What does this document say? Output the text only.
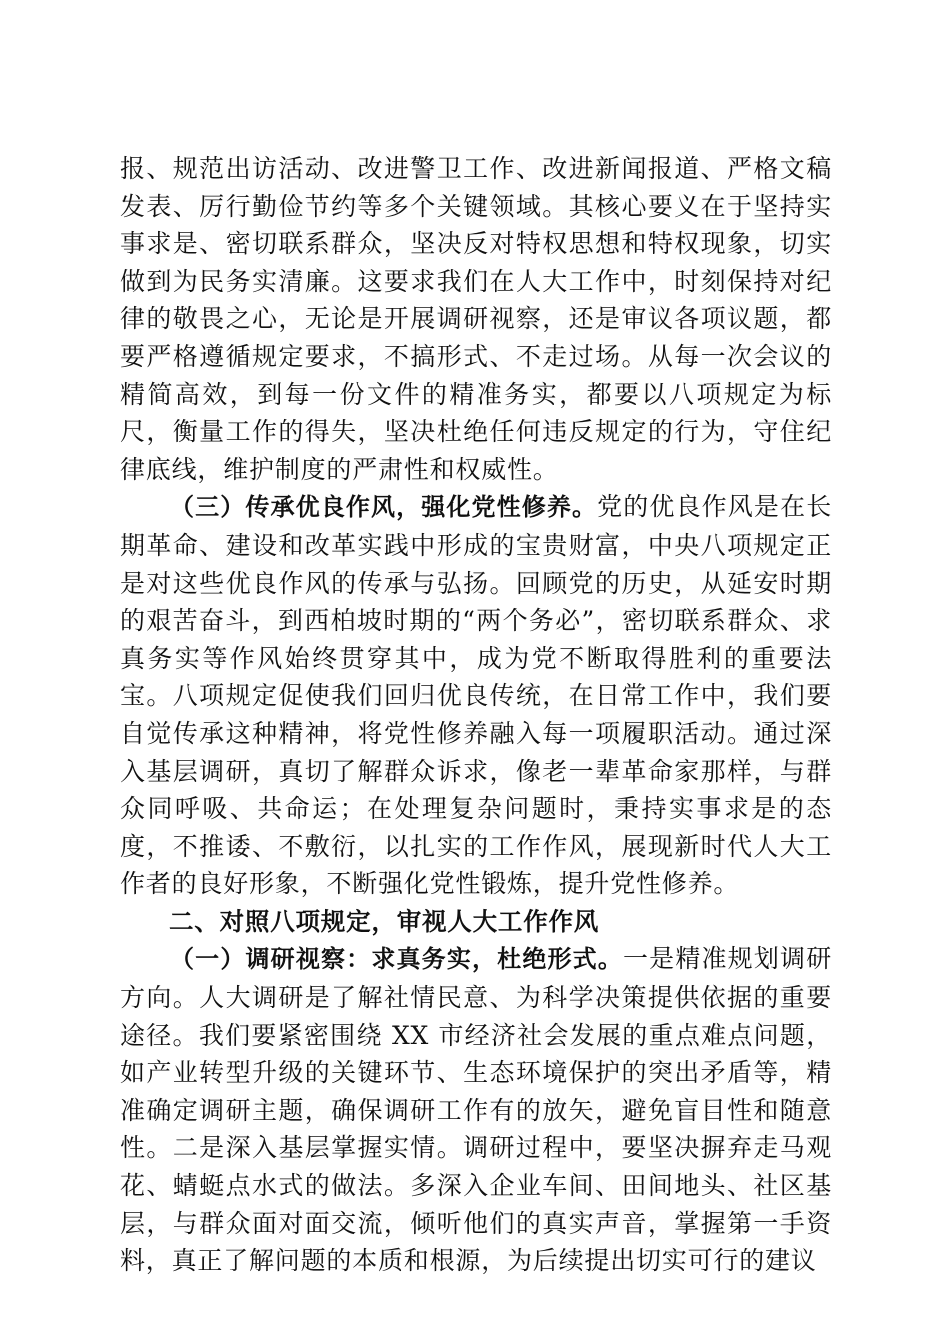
报、规范出访活动、改进警卫工作、改进新闻报道、严格文稿发表、厉行勤俭节约等多个关键领域。其核心要义在于坚持实事求是、密切联系群众，坚决反对特权思想和特权现象，切实做到为民务实清廉。这要求我们在人大工作中，时刻保持对纪律的敬畏之心，无论是开展调研视察，还是审议各项议题，都要严格遵循规定要求，不搞形式、不走过场。从每一次会议的精简高效，到每一份文件的精准务实，都要以八项规定为标尺，衡量工作的得失，坚决杜绝任何违反规定的行为，守住纪律底线，维护制度的严肃性和权威性。

（三）传承优良作风，强化党性修养。党的优良作风是在长期革命、建设和改革实践中形成的宝贵财富，中央八项规定正是对这些优良作风的传承与弘扬。回顾党的历史，从延安时期的艰苦奋斗，到西柏坡时期的“两个务必”，密切联系群众、求真务实等作风始终贯穿其中，成为党不断取得胜利的重要法宝。八项规定促使我们回归优良传统，在日常工作中，我们要自觉传承这种精神，将党性修养融入每一项履职活动。通过深入基层调研，真切了解群众诉求，像老一辈革命家那样，与群众同呼吸、共命运；在处理复杂问题时，秉持实事求是的态度，不推诿、不敷衍，以扎实的工作作风，展现新时代人大工作者的良好形象，不断强化党性锻炼，提升党性修养。

二、对照八项规定，审视人大工作作风

（一）调研视察：求真务实，杜绝形式。一是精准规划调研方向。人大调研是了解社情民意、为科学决策提供依据的重要途径。我们要紧密围绕 XX 市经济社会发展的重点难点问题，如产业转型升级的关键环节、生态环境保护的突出矛盾等，精准确定调研主题，确保调研工作有的放矢，避免盲目性和随意性。二是深入基层掌握实情。调研过程中，要坚决摒弃走马观花、蜻蜓点水式的做法。多深入企业车间、田间地头、社区基层，与群众面对面交流，倾听他们的真实声音，掌握第一手资料，真正了解问题的本质和根源，为后续提出切实可行的建议
